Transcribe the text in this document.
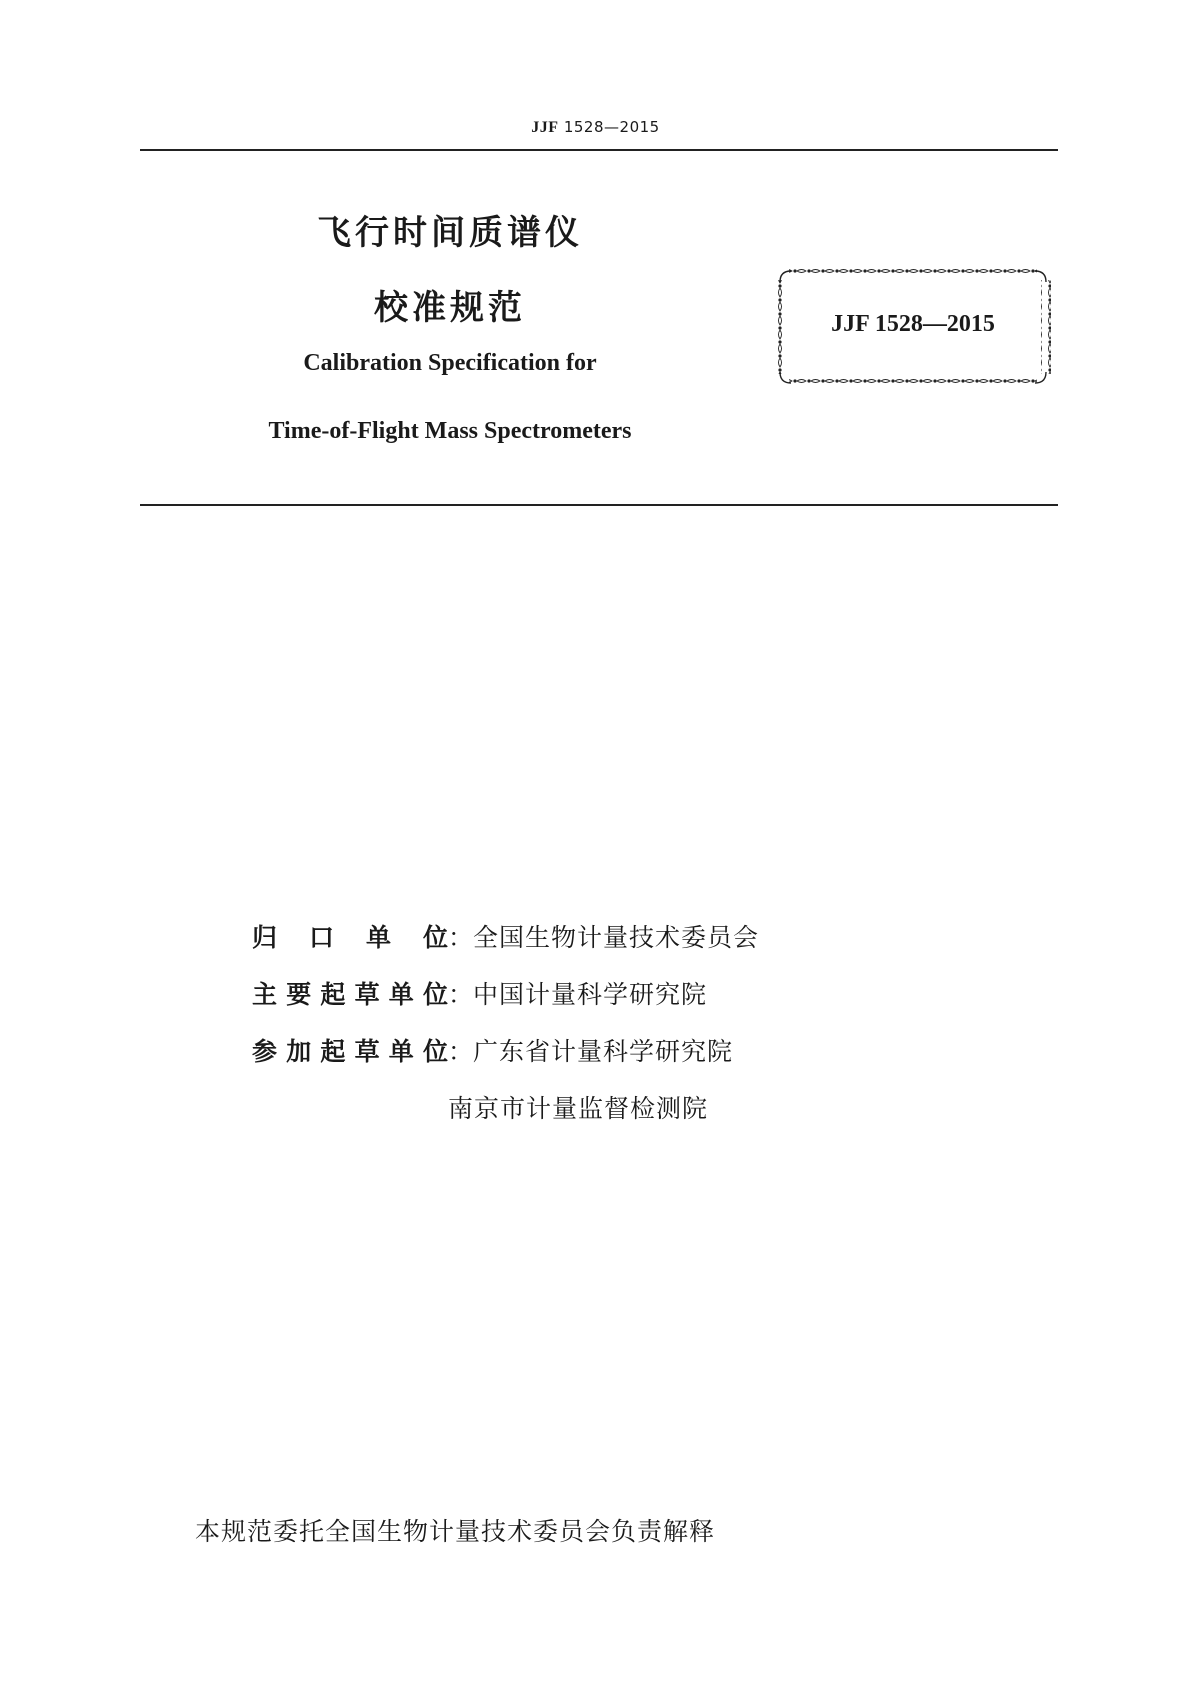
JJF 1528—2015
飞行时间质谱仪
校准规范
Calibration Specification for
Time-of-Flight Mass Spectrometers
JJF 1528—2015
归 口 单 位 ： 全国生物计量技术委员会
主要起草单位 ： 中国计量科学研究院
参加起草单位 ： 广东省计量科学研究院
南京市计量监督检测院
本规范委托全国生物计量技术委员会负责解释
